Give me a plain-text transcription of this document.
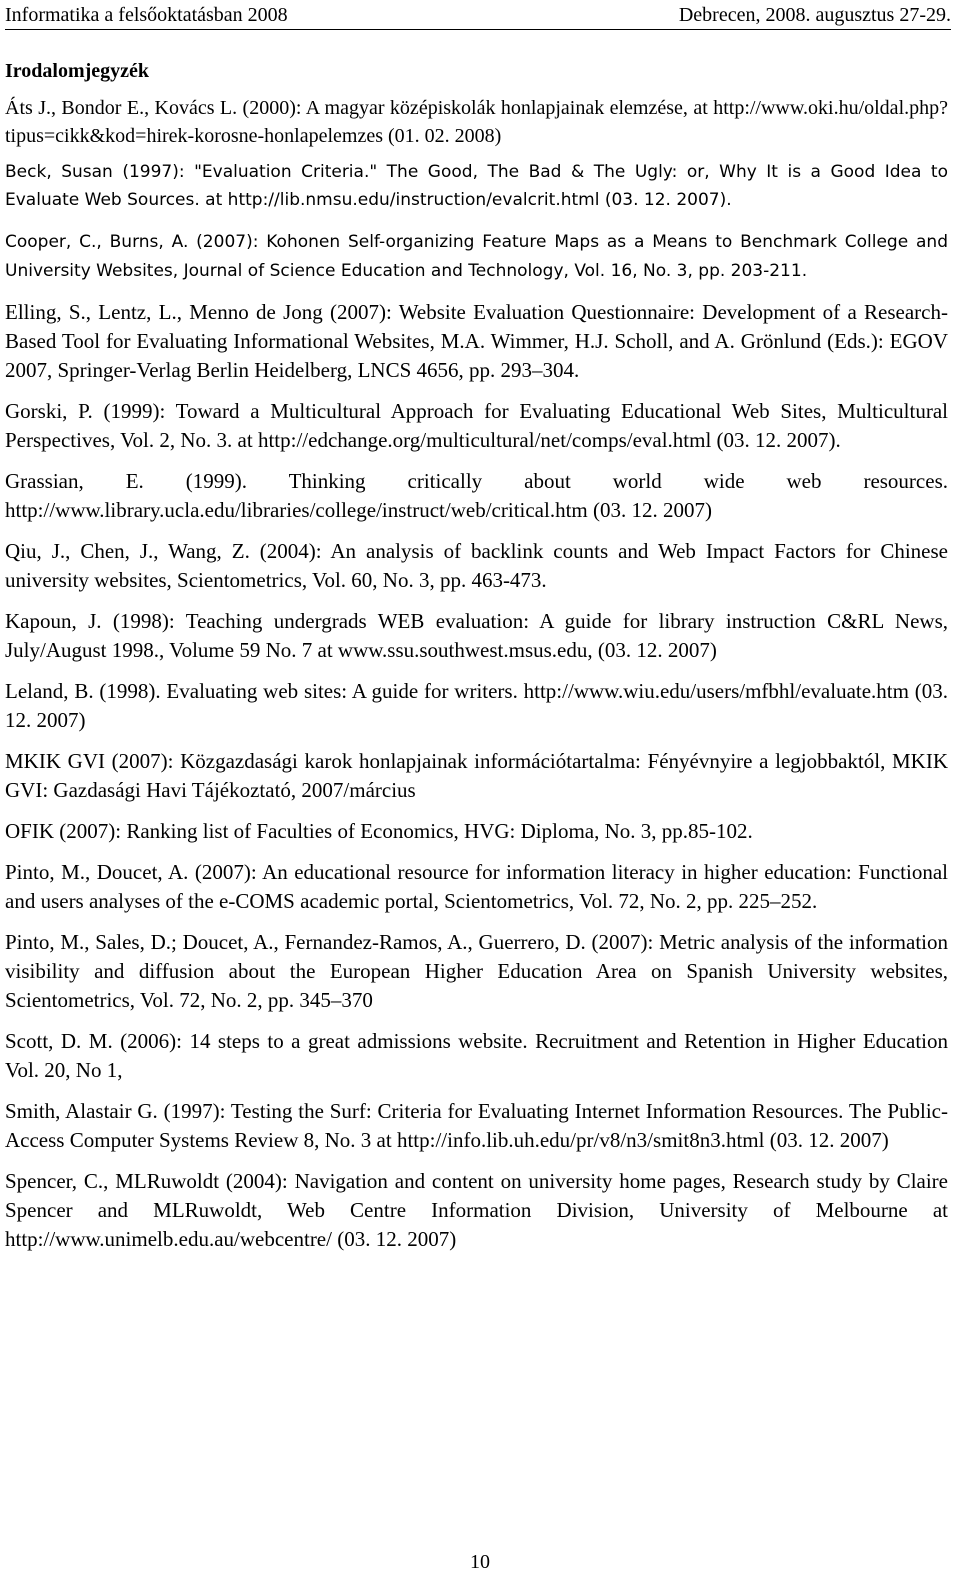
Informatika a felsőoktatásban 2008	Debrecen, 2008. augusztus 27-29.
Irodalomjegyzék

Áts J., Bondor E., Kovács L. (2000): A magyar középiskolák honlapjainak elemzése, at http://www.oki.hu/oldal.php?tipus=cikk&kod=hirek-korosne-honlapelemzes (01. 02. 2008)

Beck, Susan (1997): "Evaluation Criteria." The Good, The Bad & The Ugly: or, Why It is a Good Idea to Evaluate Web Sources. at http://lib.nmsu.edu/instruction/evalcrit.html (03. 12. 2007).

Cooper, C., Burns, A. (2007): Kohonen Self-organizing Feature Maps as a Means to Benchmark College and University Websites, Journal of Science Education and Technology, Vol. 16, No. 3, pp. 203-211.

Elling, S., Lentz, L., Menno de Jong (2007): Website Evaluation Questionnaire: Development of a Research-Based Tool for Evaluating Informational Websites, M.A. Wimmer, H.J. Scholl, and A. Grönlund (Eds.): EGOV 2007, Springer-Verlag Berlin Heidelberg, LNCS 4656, pp. 293–304.

Gorski, P. (1999): Toward a Multicultural Approach for Evaluating Educational Web Sites, Multicultural Perspectives, Vol. 2, No. 3. at http://edchange.org/multicultural/net/comps/eval.html (03. 12. 2007).

Grassian, E. (1999). Thinking critically about world wide web resources. http://www.library.ucla.edu/libraries/college/instruct/web/critical.htm (03. 12. 2007)

Qiu, J., Chen, J., Wang, Z. (2004): An analysis of backlink counts and Web Impact Factors for Chinese university websites, Scientometrics, Vol. 60, No. 3, pp. 463-473.

Kapoun, J. (1998): Teaching undergrads WEB evaluation: A guide for library instruction C&RL News, July/August 1998., Volume 59 No. 7 at www.ssu.southwest.msus.edu, (03. 12. 2007)

Leland, B. (1998). Evaluating web sites: A guide for writers. http://www.wiu.edu/users/mfbhl/evaluate.htm (03. 12. 2007)

MKIK GVI (2007): Közgazdasági karok honlapjainak információtartalma: Fényévnyire a legjobbaktól, MKIK GVI: Gazdasági Havi Tájékoztató, 2007/március

OFIK (2007): Ranking list of Faculties of Economics, HVG: Diploma, No. 3, pp.85-102.

Pinto, M., Doucet, A. (2007): An educational resource for information literacy in higher education: Functional and users analyses of the e-COMS academic portal, Scientometrics, Vol. 72, No. 2, pp. 225–252.

Pinto, M., Sales, D.; Doucet, A., Fernandez-Ramos, A., Guerrero, D. (2007): Metric analysis of the information visibility and diffusion about the European Higher Education Area on Spanish University websites, Scientometrics, Vol. 72, No. 2, pp. 345–370

Scott, D. M. (2006): 14 steps to a great admissions website. Recruitment and Retention in Higher Education Vol. 20, No 1,

Smith, Alastair G. (1997): Testing the Surf: Criteria for Evaluating Internet Information Resources. The Public-Access Computer Systems Review 8, No. 3 at http://info.lib.uh.edu/pr/v8/n3/smit8n3.html (03. 12. 2007)

Spencer, C., MLRuwoldt (2004): Navigation and content on university home pages, Research study by Claire Spencer and MLRuwoldt, Web Centre Information Division, University of Melbourne at http://www.unimelb.edu.au/webcentre/ (03. 12. 2007)

10
